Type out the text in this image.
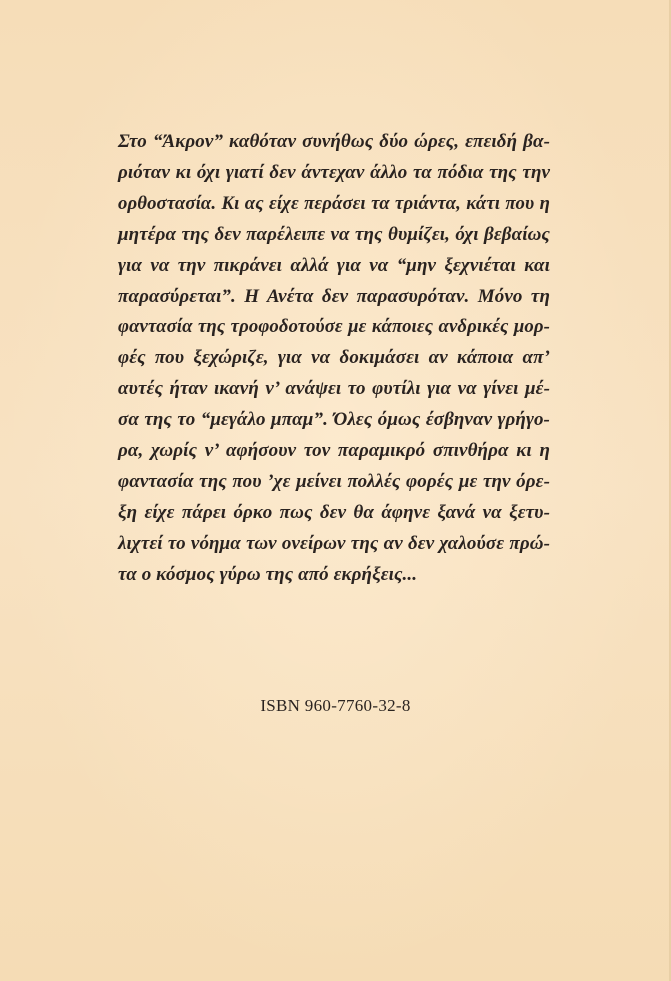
Στο “Άκρον” καθόταν συνήθως δύο ώρες, επειδή βα-
ριόταν κι όχι γιατί δεν άντεχαν άλλο τα πόδια της την
ορθοστασία. Κι ας είχε περάσει τα τριάντα, κάτι που η
μητέρα της δεν παρέλειπε να της θυμίζει, όχι βεβαίως
για να την πικράνει αλλά για να “μην ξεχνιέται και
παρασύρεται”. Η Ανέτα δεν παρασυρόταν. Μόνο τη
φαντασία της τροφοδοτούσε με κάποιες ανδρικές μορ-
φές που ξεχώριζε, για να δοκιμάσει αν κάποια απ’
αυτές ήταν ικανή ν’ ανάψει το φυτίλι για να γίνει μέ-
σα της το “μεγάλο μπαμ”. Όλες όμως έσβηναν γρήγο-
ρα, χωρίς ν’ αφήσουν τον παραμικρό σπινθήρα κι η
φαντασία της που ’χε μείνει πολλές φορές με την όρε-
ξη είχε πάρει όρκο πως δεν θα άφηνε ξανά να ξετυ-
λιχτεί το νόημα των ονείρων της αν δεν χαλούσε πρώ-
τα ο κόσμος γύρω της από εκρήξεις...
ISBN 960-7760-32-8
